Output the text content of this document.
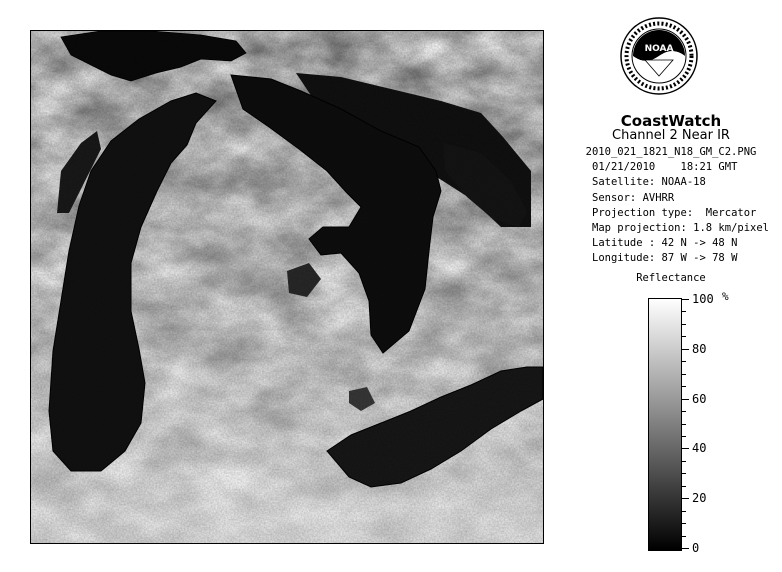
NOAA
CoastWatch
Channel 2 Near IR
2010_021_1821_N18_GM_C2.PNG
01/21/2010    18:21 GMT
Satellite: NOAA-18
Sensor: AVHRR
Projection type:  Mercator
Map projection: 1.8 km/pixel
Latitude : 42 N -> 48 N
Longitude: 87 W -> 78 W
Reflectance
%
100
80
60
40
20
0
